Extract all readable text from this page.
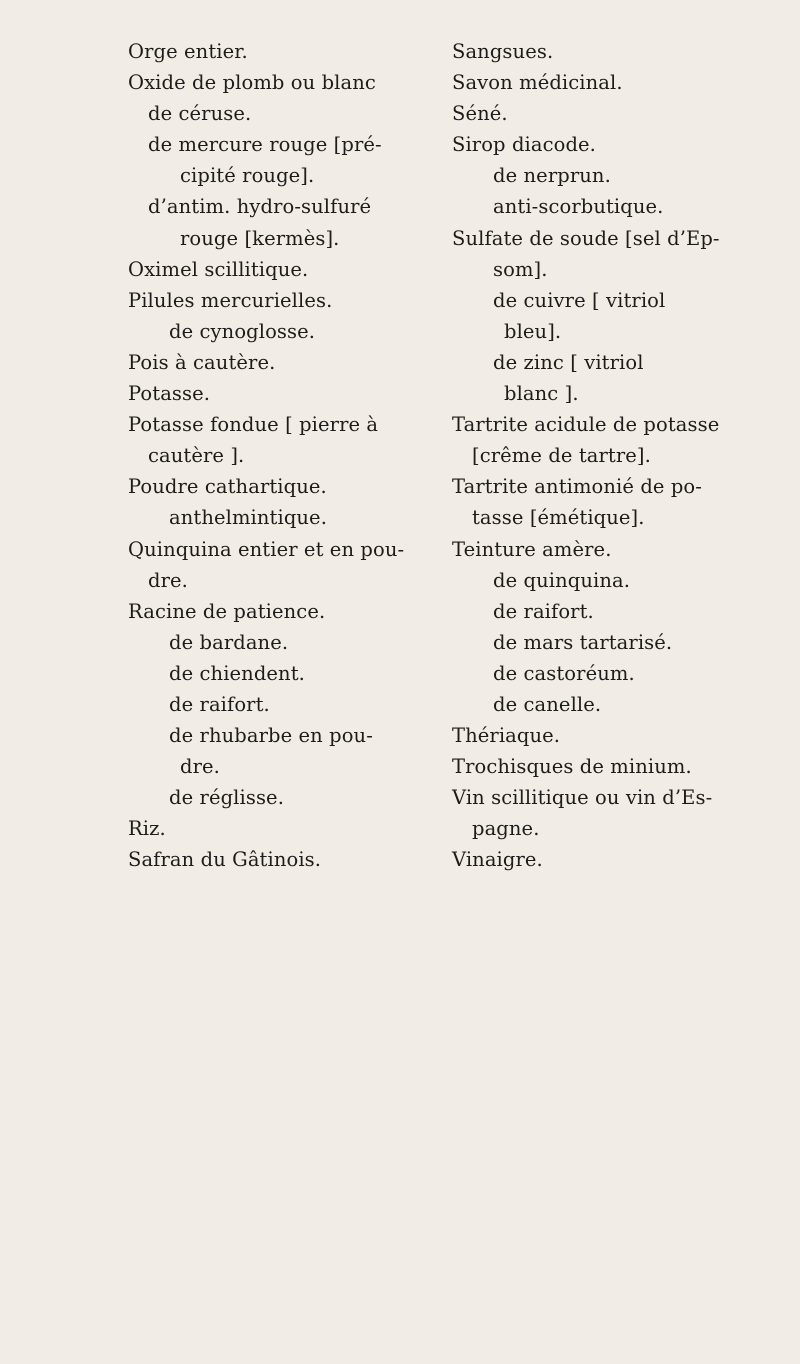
Orge entier.
Oxide de plomb ou blanc
de céruse.
de mercure rouge [pré-
cipité rouge].
d’antim. hydro-sulfuré
rouge [kermès].
Oximel scillitique.
Pilules mercurielles.
de cynoglosse.
Pois à cautère.
Potasse.
Potasse fondue [ pierre à
cautère ].
Poudre cathartique.
anthelmintique.
Quinquina entier et en pou-
dre.
Racine de patience.
de bardane.
de chiendent.
de raifort.
de rhubarbe en pou-
dre.
de réglisse.
Riz.
Safran du Gâtinois.
Sangsues.
Savon médicinal.
Séné.
Sirop diacode.
de nerprun.
anti-scorbutique.
Sulfate de soude [sel d’Ep-
som].
de cuivre [ vitriol
bleu].
de zinc [ vitriol
blanc ].
Tartrite acidule de potasse
[crême de tartre].
Tartrite antimonié de po-
tasse [émétique].
Teinture amère.
de quinquina.
de raifort.
de mars tartarisé.
de castoréum.
de canelle.
Thériaque.
Trochisques de minium.
Vin scillitique ou vin d’Es-
pagne.
Vinaigre.
